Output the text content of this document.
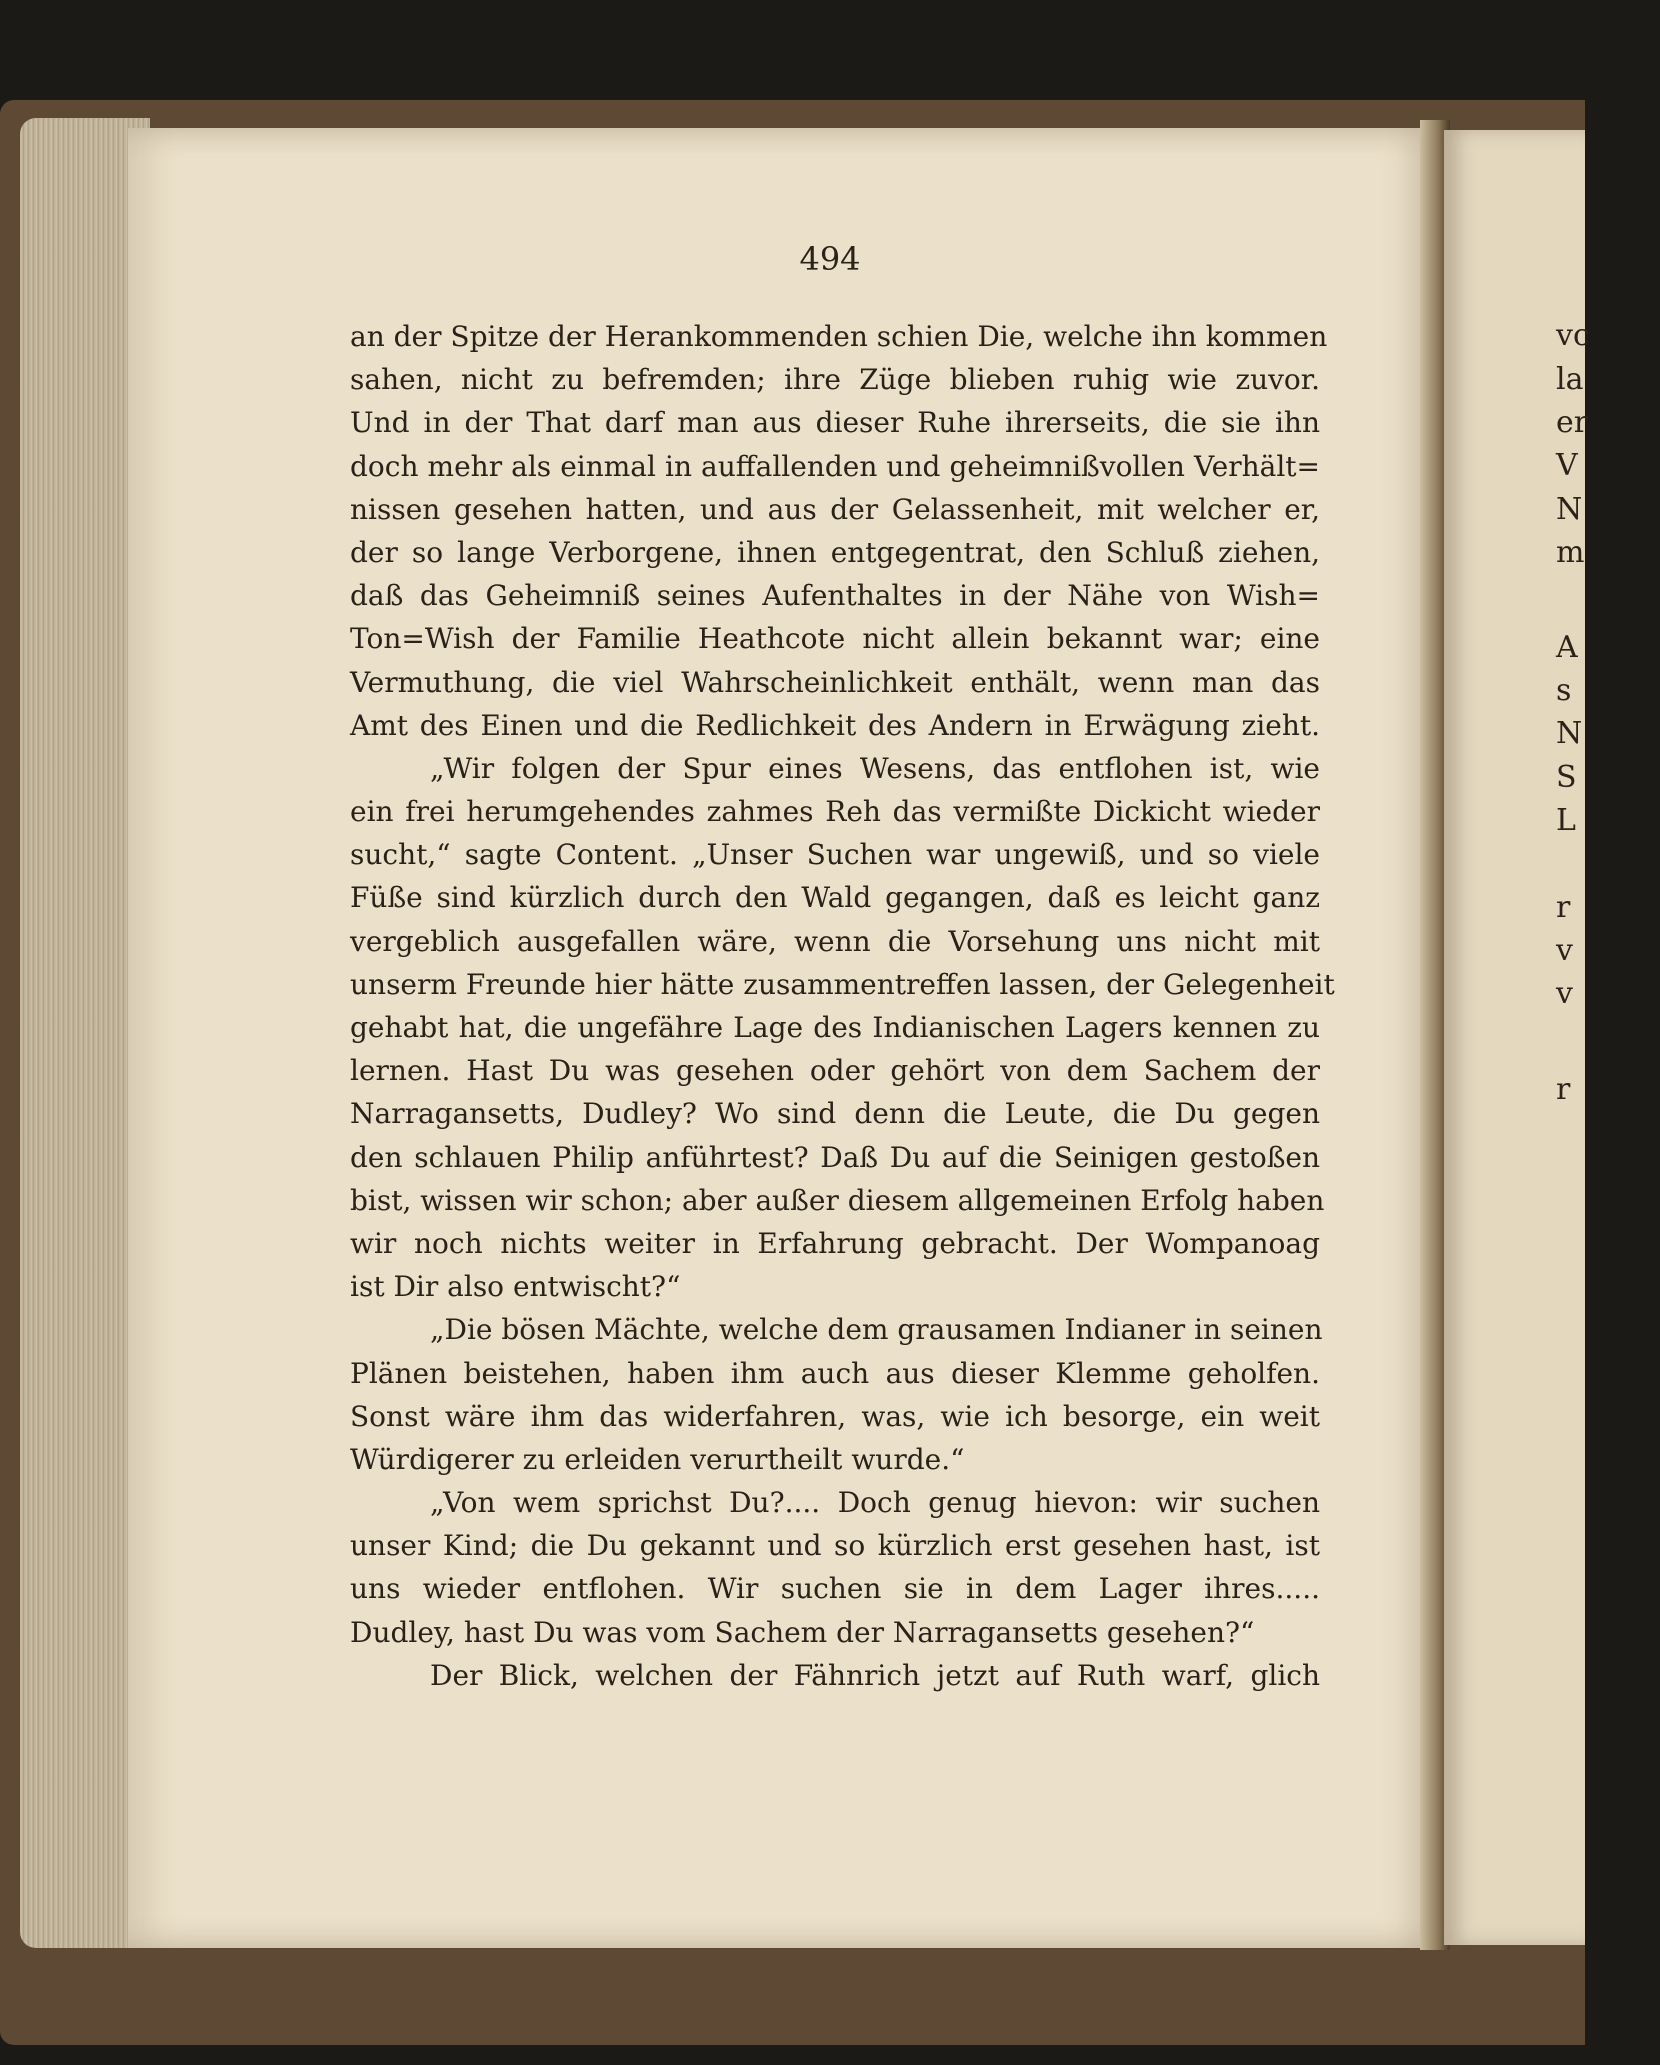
vc
la
er
V
N
m
A
s
N
S
L
r
v
v
r
494
an der Spitze der Herankommenden schien Die, welche ihn kommen
sahen, nicht zu befremden; ihre Züge blieben ruhig wie zuvor.
Und in der That darf man aus dieser Ruhe ihrerseits, die sie ihn
doch mehr als einmal in auffallenden und geheimnißvollen Verhält=
nissen gesehen hatten, und aus der Gelassenheit, mit welcher er,
der so lange Verborgene, ihnen entgegentrat, den Schluß ziehen,
daß das Geheimniß seines Aufenthaltes in der Nähe von Wish=
Ton=Wish der Familie Heathcote nicht allein bekannt war; eine
Vermuthung, die viel Wahrscheinlichkeit enthält, wenn man das
Amt des Einen und die Redlichkeit des Andern in Erwägung zieht.
„Wir folgen der Spur eines Wesens, das entflohen ist, wie
ein frei herumgehendes zahmes Reh das vermißte Dickicht wieder
sucht,“ sagte Content. „Unser Suchen war ungewiß, und so viele
Füße sind kürzlich durch den Wald gegangen, daß es leicht ganz
vergeblich ausgefallen wäre, wenn die Vorsehung uns nicht mit
unserm Freunde hier hätte zusammentreffen lassen, der Gelegenheit
gehabt hat, die ungefähre Lage des Indianischen Lagers kennen zu
lernen. Hast Du was gesehen oder gehört von dem Sachem der
Narragansetts, Dudley? Wo sind denn die Leute, die Du gegen
den schlauen Philip anführtest? Daß Du auf die Seinigen gestoßen
bist, wissen wir schon; aber außer diesem allgemeinen Erfolg haben
wir noch nichts weiter in Erfahrung gebracht. Der Wompanoag
ist Dir also entwischt?“
„Die bösen Mächte, welche dem grausamen Indianer in seinen
Plänen beistehen, haben ihm auch aus dieser Klemme geholfen.
Sonst wäre ihm das widerfahren, was, wie ich besorge, ein weit
Würdigerer zu erleiden verurtheilt wurde.“
„Von wem sprichst Du?.... Doch genug hievon: wir suchen
unser Kind; die Du gekannt und so kürzlich erst gesehen hast, ist
uns wieder entflohen. Wir suchen sie in dem Lager ihres.....
Dudley, hast Du was vom Sachem der Narragansetts gesehen?“
Der Blick, welchen der Fähnrich jetzt auf Ruth warf, glich
